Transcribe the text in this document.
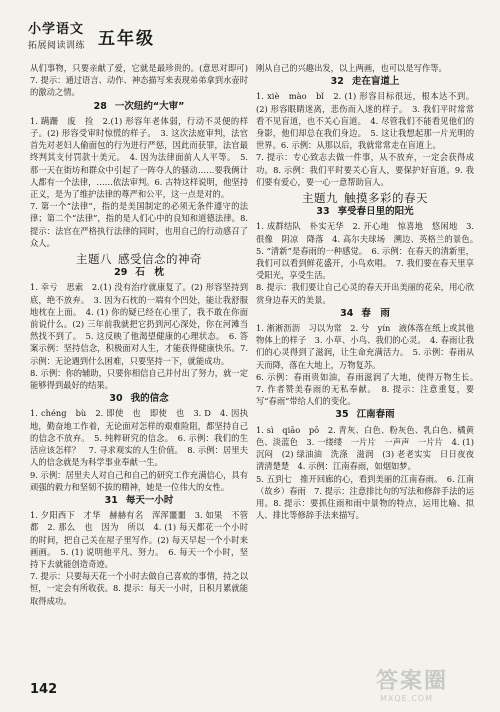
小学语文
拓展阅读训练 五年级

从们事物，只要亲献了爱，它就是最珍贵的。(意思对即可)　7. 提示：通过语言、动作、神态描写来表现弟弟拿到水壶时的激动之情。

28 一次纽约“大审”

1. 蹒跚　废　捡　2.(1) 形容年老体弱，行动不灵便的样子。(2) 形容受审时惊慌的样子。　3. 这次法庭审判，法官首先对老妇人偷面包的行为进行严惩，因此而获罪，法官最终判其支付罚款十美元。　4. 因为法律面前人人平等。　5. 那一天在街坊和群众中引起了一阵夺人的骚动……要我俩计人都有一个法律，……依法审判。6. 古特这样说明，他坚持正义，是为了维护法律的尊严和公平，这一点是对的。

7. 第一个“法律”，指的是美国制定的必须无条件遵守的法律；第二个“法律”，指的是人们心中的良知和道德法律。8. 提示：法官在严格执行法律的同时，也用自己的行动感召了众人。

主题八 感受信念的神奇
29 石　枕

1. 幸亏　思索　2.(1) 没有治疗就康复了。(2) 形容坚持到底，绝不放弃。　3. 因为石枕的一端有个凹处，能让我舒服地枕在上面。　4. (1) 你的疑已经在心里了，我不敢在你面前说什么。(2) 三年前我就把它扔到河心深处，你在河滩当然找不到了。　5. 这反映了他渴望健康的心理状态。　6. 答案示例：坚持信念，积极面对人生，才能获得健康快乐。7. 示例：无论遇到什么困难，只要坚持一下，就能成功。

8. 示例：你的辅助，只要你相信自己并付出了努力，就一定能够得到最好的结果。

30 我的信念

1. chéng　bù　2. 即使　也　即使　也　3. D　4. 因执地，勤奋地工作着，无论面对怎样的艰难险阻，都坚持自己的信念不放弃。　5. 纯粹研究的信念。　6. 示例：我们的生活应该怎样？　7. 寻求观实的人生价值。　8. 示例：居里夫人的信念就是为科学事业奉献一生。

9. 示例：居里夫人对自己和自己的研究工作充满信心，具有顽强的毅力和坚韧不拔的精神，她是一位伟大的女性。

31 每天一小时

1. 夕阳西下　才华　赫赫有名　浑浑噩噩　3. 如果　不管　都　2. 那么　也　因为　所以　4. (1) 每天都花一个小时的时间，把自己关在屋子里写作。(2) 每天早起一个小时来画画。　5. (1) 说明他平凡、努力。　6. 每天一个小时，坚持下去就能创造奇迹。

7. 提示：只要每天花一个小时去做自己喜欢的事情，持之以恒，一定会有所收获。8. 提示：每天一小时，日积月累就能取得成功。

刚从自己的兴趣出发，以上两画，也可以是写作等。

32 走在盲道上

1. xiè　mào　bǐ　2. (1) 形容目标很远，根本达不到。(2) 形容眼睛迷离，悲伤而入迷的样子。　3. 我们平时常常看不见盲道，也不关心盲道。　4. 尽管我们不能看见他们的身影，他们却总在我们身边。　5. 这让我想起那一片光明的世界。6. 示例：从那以后，我就常常走在盲道上。

7. 提示：专心致志去做一件事，从不放弃，一定会获得成功。8. 示例：我们平时要关心盲人，要保护好盲道。9. 我们要有爱心，要一心一意帮助盲人。

主题九 触摸多彩的春天
33 享受春日里的阳光

1. 成群结队　朴实无华　2. 开心地　惊喜地　悠闲地　3. 很像　阴凉　降落　4. 高尔夫球场　溯边、英格兰的景色。　5. “清新”是春雨的一种感觉。　6. 示例：在春天的清新里，我们可以看到鲜花盛开，小鸟欢唱。　7. 我们要在春天里享受阳光，享受生活。

8. 提示：我们要让自己心灵的春天开出美丽的花朵，用心欣赏身边春天的美景。

34 春　雨

1. 淅淅沥沥　习以为常　2. 兮　yín　液体落在纸上或其他物体上的样子　3. 小草、小鸟、我们的心灵。　4. 春雨让我们的心灵得到了滋润，让生命充满活力。　5. 示例：春雨从天而降，落在大地上，万物复苏。

6. 示例：春雨贵如油，春雨滋润了大地，使得万物生长。　7. 作者赞美春雨的无私奉献。　8. 提示：注意重复，要写“春雨”带给人们的变化。

35 江南春雨

1. sì　qiāo　pō　2. 青灰、白色、粉灰色、乳白色、橘黄色、淡蓝色　3. 一缕缕　一片片　一声声　一片片　4. (1) 沉闷　(2) 绿油油　洗涤　滋润　(3) 老老实实　日日夜夜　清清楚楚　4. 示例：江南春雨，如烟如梦。

5. 五到七　推开回廊的心，看到美丽的江南春雨。　6. 江南（故乡）春雨　7. 提示：注意排比句的写法和修辞手法的运用。8. 提示：要抓住雨和雨中景物的特点，运用比喻、拟人、排比等修辞手法来描写。

142	答案圈
MXQE.COM
